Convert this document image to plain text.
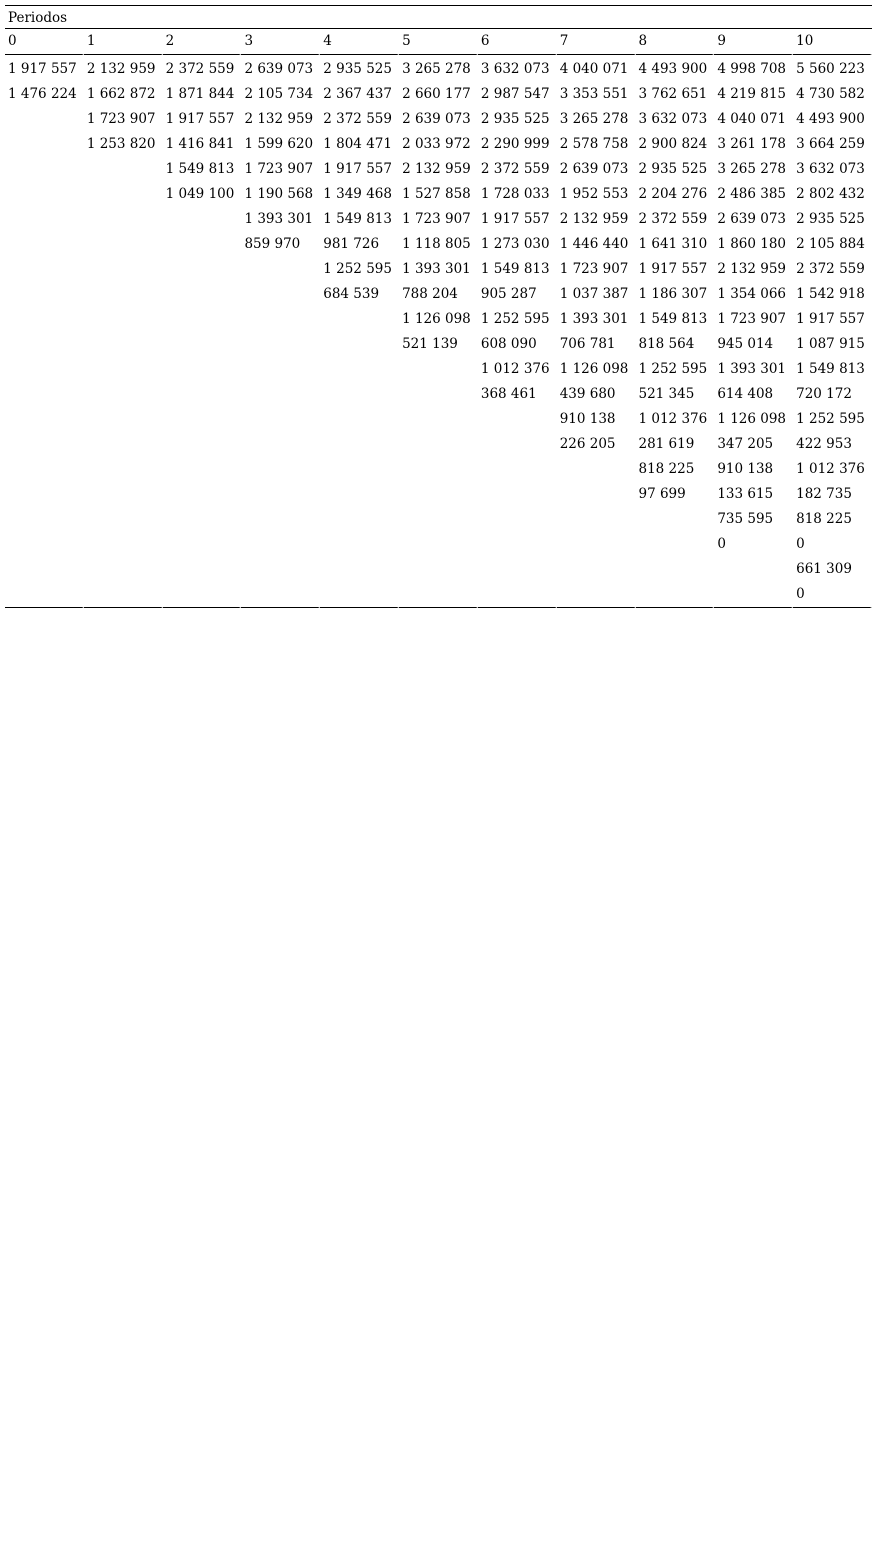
Periodos
0	1	2	3	4	5	6	7	8	9	10
1 917 557	2 132 959	2 372 559	2 639 073	2 935 525	3 265 278	3 632 073	4 040 071	4 493 900	4 998 708	5 560 223
1 476 224	1 662 872	1 871 844	2 105 734	2 367 437	2 660 177	2 987 547	3 353 551	3 762 651	4 219 815	4 730 582
	1 723 907	1 917 557	2 132 959	2 372 559	2 639 073	2 935 525	3 265 278	3 632 073	4 040 071	4 493 900
	1 253 820	1 416 841	1 599 620	1 804 471	2 033 972	2 290 999	2 578 758	2 900 824	3 261 178	3 664 259
		1 549 813	1 723 907	1 917 557	2 132 959	2 372 559	2 639 073	2 935 525	3 265 278	3 632 073
		1 049 100	1 190 568	1 349 468	1 527 858	1 728 033	1 952 553	2 204 276	2 486 385	2 802 432
			1 393 301	1 549 813	1 723 907	1 917 557	2 132 959	2 372 559	2 639 073	2 935 525
			859 970	981 726	1 118 805	1 273 030	1 446 440	1 641 310	1 860 180	2 105 884
				1 252 595	1 393 301	1 549 813	1 723 907	1 917 557	2 132 959	2 372 559
				684 539	788 204	905 287	1 037 387	1 186 307	1 354 066	1 542 918
					1 126 098	1 252 595	1 393 301	1 549 813	1 723 907	1 917 557
					521 139	608 090	706 781	818 564	945 014	1 087 915
						1 012 376	1 126 098	1 252 595	1 393 301	1 549 813
						368 461	439 680	521 345	614 408	720 172
							910 138	1 012 376	1 126 098	1 252 595
							226 205	281 619	347 205	422 953
								818 225	910 138	1 012 376
								97 699	133 615	182 735
									735 595	818 225
									0	0
										661 309
										0
